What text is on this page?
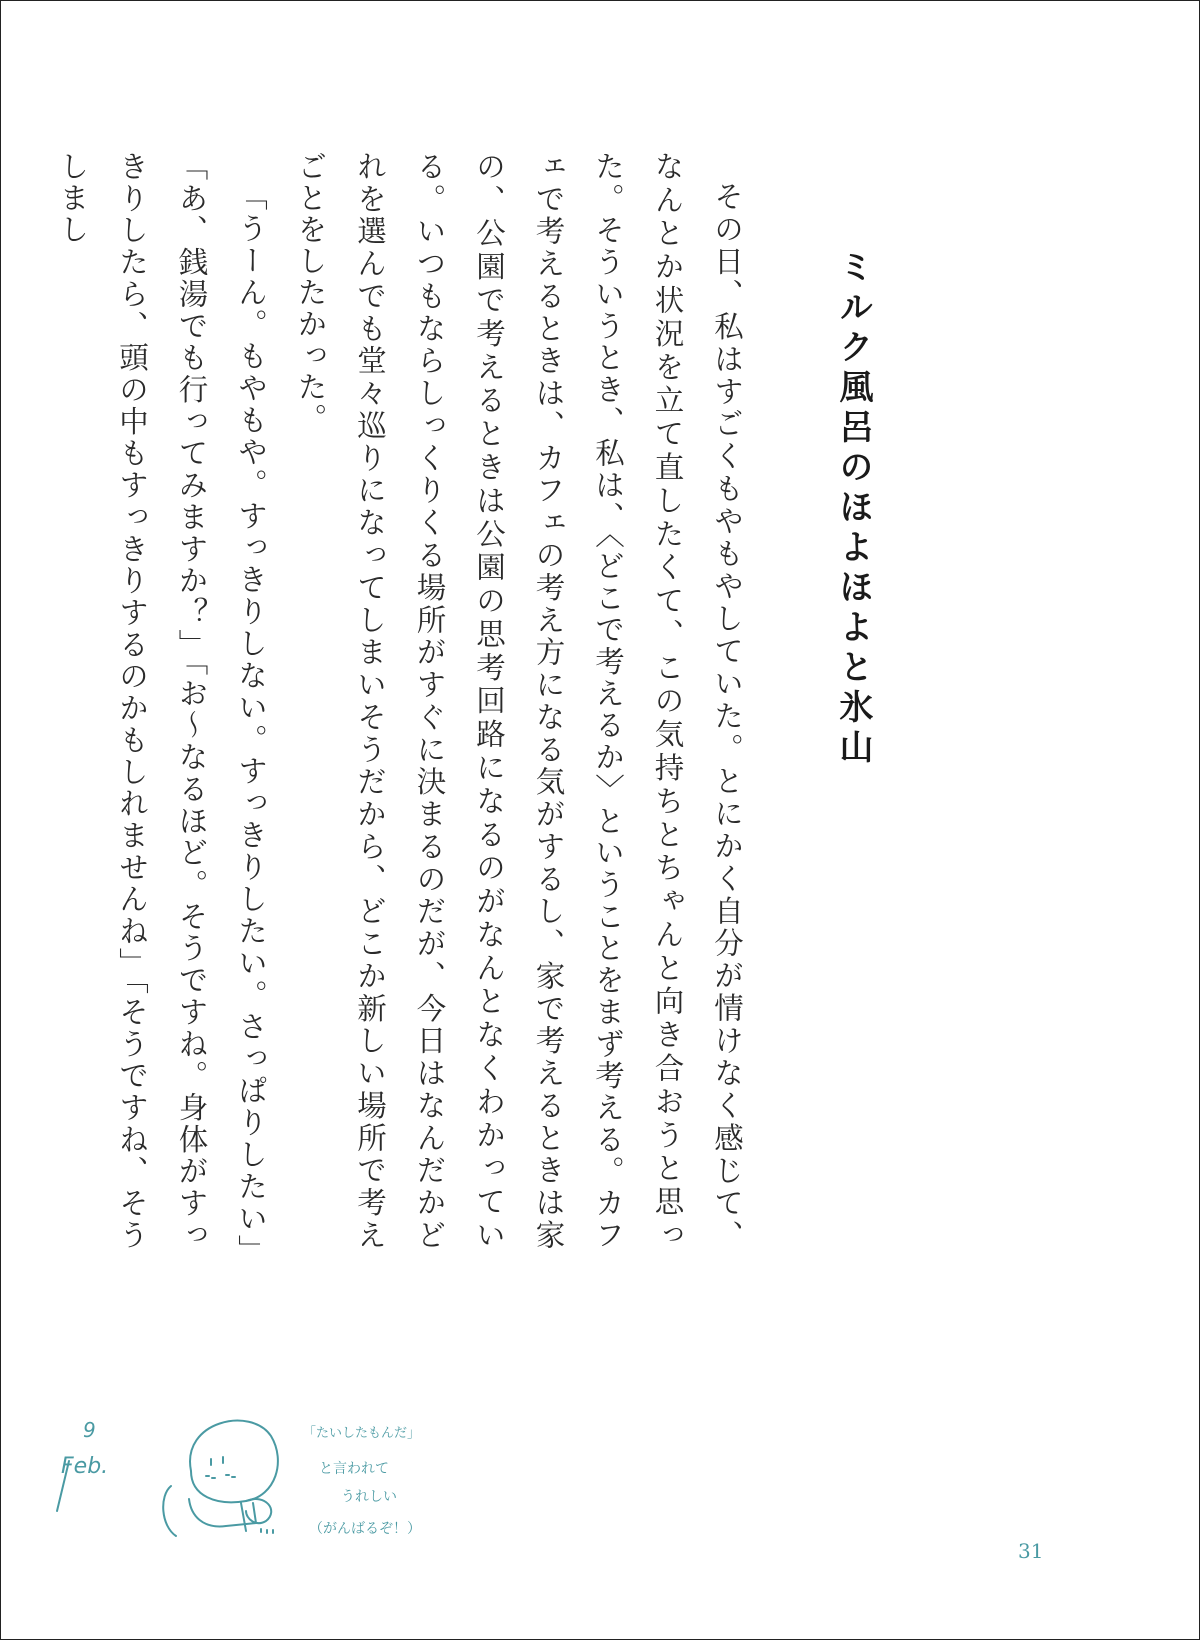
ミルク風呂のほよほよと氷山

その日、私はすごくもやもやしていた。とにかく自分が情けなく感じて、なんとか状況を立て直したくて、この気持ちとちゃんと向き合おうと思った。そういうとき、私は、〈どこで考えるか〉ということをまず考える。カフェで考えるときは、カフェの考え方になる気がするし、家で考えるときは家の、公園で考えるときは公園の思考回路になるのがなんとなくわかっている。いつもならしっくりくる場所がすぐに決まるのだが、今日はなんだかどれを選んでも堂々巡りになってしまいそうだから、どこか新しい場所で考えごとをしたかった。

「うーん。もやもや。すっきりしない。すっきりしたい。さっぱりしたい」「あ、銭湯でも行ってみますか？」「お〜なるほど。そうですね。身体がすっきりしたら、頭の中もすっきりするのかもしれませんね」「そうですね、そうしまし

9
Feb.
「たいしたもんだ」
と言われて
うれしい
（がんばるぞ！）
31
